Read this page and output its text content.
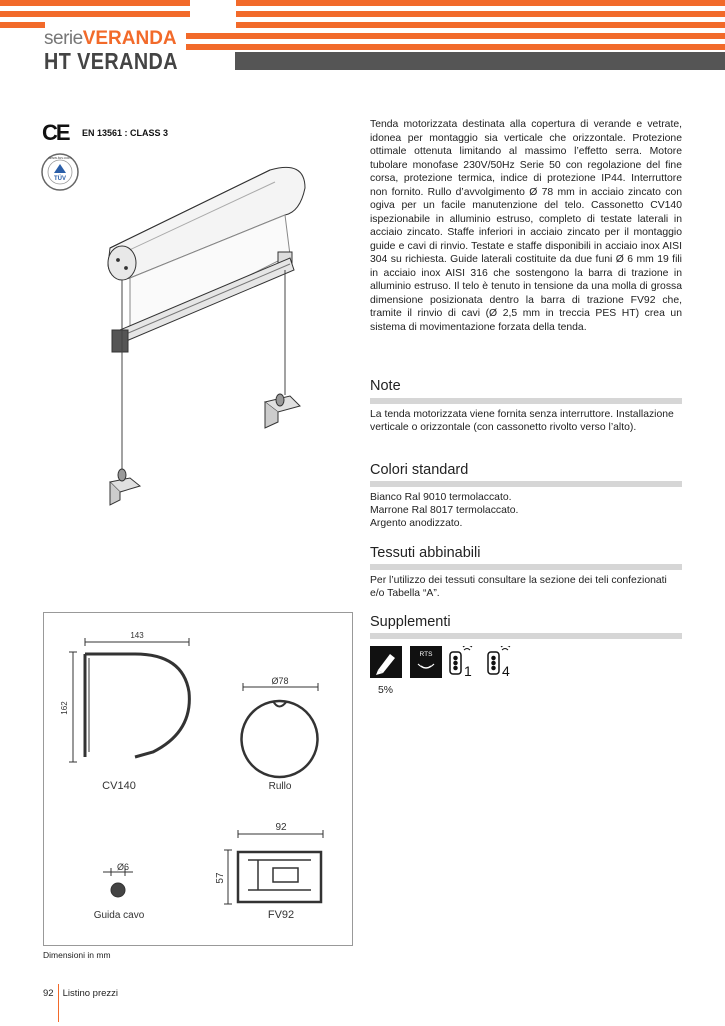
serieVERANDA
HT VERANDA
CE EN 13561 : CLASS 3
TÜV
www.tuv.com
Tenda motorizzata destinata alla copertura di verande e vetrate, idonea per montaggio sia verticale che orizzontale. Protezione ottimale ottenuta limitando al massimo l’effetto serra. Motore tubolare monofase 230V/50Hz Serie 50 con regolazione del fine corsa, protezione termica, indice di protezione IP44. Interruttore non fornito. Rullo d’avvolgimento Ø 78 mm in acciaio zincato con ogiva per un facile manutenzione del telo. Cassonetto CV140 ispezionabile in alluminio estruso, completo di testate laterali in acciaio zincato. Staffe inferiori in acciaio zincato per il montaggio guide e cavi di rinvio. Testate e staffe disponibili in acciaio inox AISI 304 su richiesta. Guide laterali costituite da due funi Ø 6 mm 19 fili in acciaio inox AISI 316 che sostengono la barra di trazione in alluminio estruso. Il telo è tenuto in tensione da una molla di grossa dimensione posizionata dentro la barra di trazione FV92 che, tramite il rinvio di cavi (Ø 2,5 mm in treccia PES HT) crea un sistema di movimentazione forzata della tenda.
Note
La tenda motorizzata viene fornita senza interruttore. Installazione verticale o orizzontale (con cassonetto rivolto verso l’alto).
Colori standard
Bianco Ral 9010 termolaccato.
Marrone Ral 8017 termolaccato.
Argento anodizzato.
Tessuti abbinabili
Per l’utilizzo dei tessuti consultare la sezione dei teli confezionati e/o Tabella “A”.
Supplementi
RTS
1 4
5%
143
162
CV140
Ø78
Rullo
Ø6
Guida cavo
92
57
FV92
Dimensioni in mm
92 Listino prezzi
